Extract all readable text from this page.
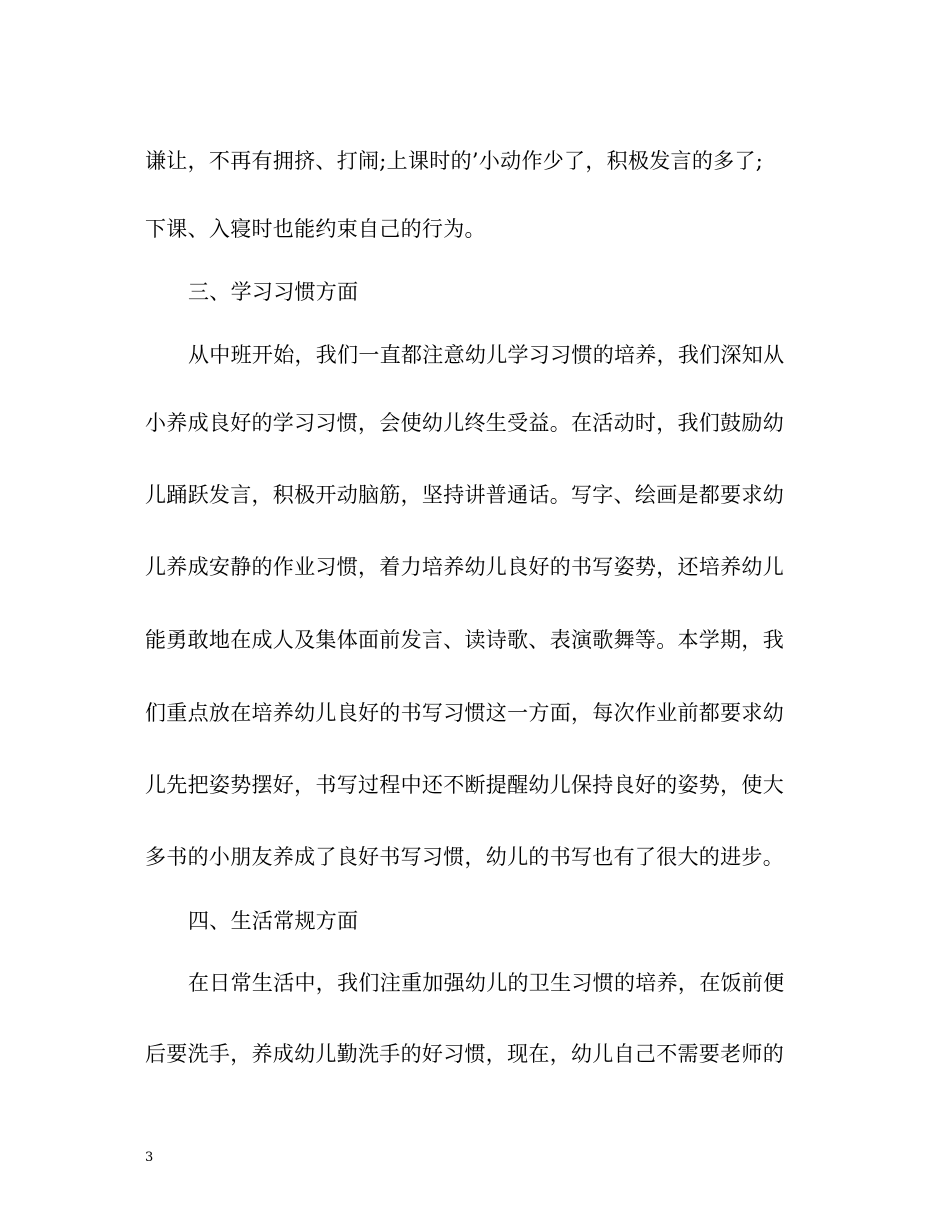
谦让，不再有拥挤、打闹;上课时的’小动作少了，积极发言的多了;
下课、入寝时也能约束自己的行为。
三、学习习惯方面
从中班开始，我们一直都注意幼儿学习习惯的培养，我们深知从
小养成良好的学习习惯，会使幼儿终生受益。在活动时，我们鼓励幼
儿踊跃发言，积极开动脑筋，坚持讲普通话。写字、绘画是都要求幼
儿养成安静的作业习惯，着力培养幼儿良好的书写姿势，还培养幼儿
能勇敢地在成人及集体面前发言、读诗歌、表演歌舞等。本学期，我
们重点放在培养幼儿良好的书写习惯这一方面，每次作业前都要求幼
儿先把姿势摆好，书写过程中还不断提醒幼儿保持良好的姿势，使大
多书的小朋友养成了良好书写习惯，幼儿的书写也有了很大的进步。
四、生活常规方面
在日常生活中，我们注重加强幼儿的卫生习惯的培养，在饭前便
后要洗手，养成幼儿勤洗手的好习惯，现在，幼儿自己不需要老师的
3
